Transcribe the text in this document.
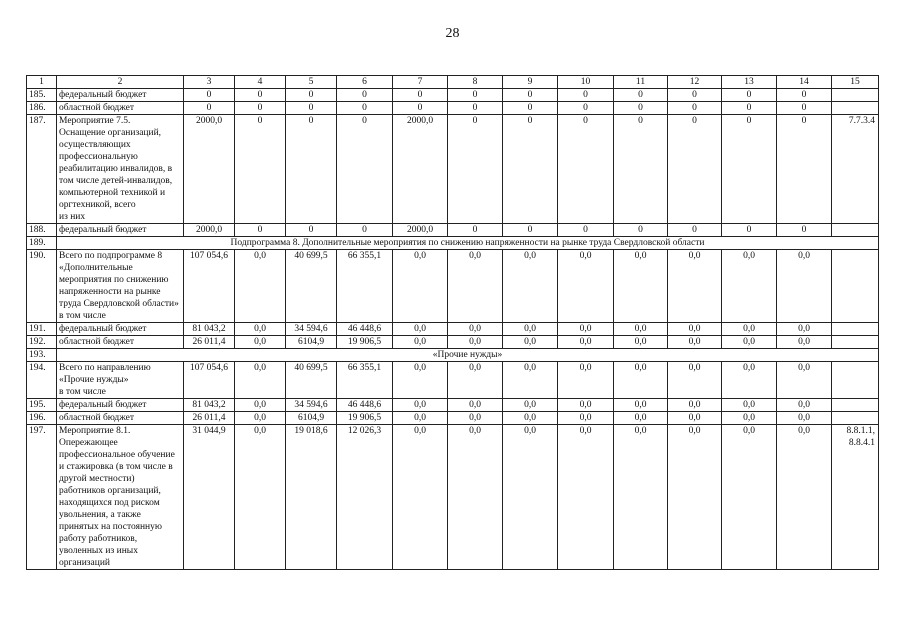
28
1	2	3	4	5	6	7	8	9	10	11	12	13	14	15
185.	федеральный бюджет	0	0	0	0	0	0	0	0	0	0	0	0	
186.	областной бюджет	0	0	0	0	0	0	0	0	0	0	0	0	
187.	Мероприятие 7.5.
Оснащение организаций, осуществляющих профессиональную реабилитацию инвалидов, в том числе детей-инвалидов, компьютерной техникой и оргтехникой, всего
из них	2000,0	0	0	0	2000,0	0	0	0	0	0	0	0	7.7.3.4
188.	федеральный бюджет	2000,0	0	0	0	2000,0	0	0	0	0	0	0	0	
189.	Подпрограмма 8. Дополнительные мероприятия по снижению напряженности на рынке труда Свердловской области													
190.	Всего по подпрограмме 8 «Дополнительные мероприятия по снижению напряженности на рынке труда Свердловской области»
в том числе	107 054,6	0,0	40 699,5	66 355,1	0,0	0,0	0,0	0,0	0,0	0,0	0,0	0,0	
191.	федеральный бюджет	81 043,2	0,0	34 594,6	46 448,6	0,0	0,0	0,0	0,0	0,0	0,0	0,0	0,0	
192.	областной бюджет	26 011,4	0,0	6104,9	19 906,5	0,0	0,0	0,0	0,0	0,0	0,0	0,0	0,0	
193.	«Прочие нужды»													
194.	Всего по направлению «Прочие нужды»
в том числе	107 054,6	0,0	40 699,5	66 355,1	0,0	0,0	0,0	0,0	0,0	0,0	0,0	0,0	
195.	федеральный бюджет	81 043,2	0,0	34 594,6	46 448,6	0,0	0,0	0,0	0,0	0,0	0,0	0,0	0,0	
196.	областной бюджет	26 011,4	0,0	6104,9	19 906,5	0,0	0,0	0,0	0,0	0,0	0,0	0,0	0,0	
197.	Мероприятие 8.1.
Опережающее профессиональное обучение и стажировка (в том числе в другой местности) работников организаций, находящихся под риском увольнения, а также принятых на постоянную работу работников, уволенных из иных организаций	31 044,9	0,0	19 018,6	12 026,3	0,0	0,0	0,0	0,0	0,0	0,0	0,0	0,0	8.8.1.1,
8.8.4.1
